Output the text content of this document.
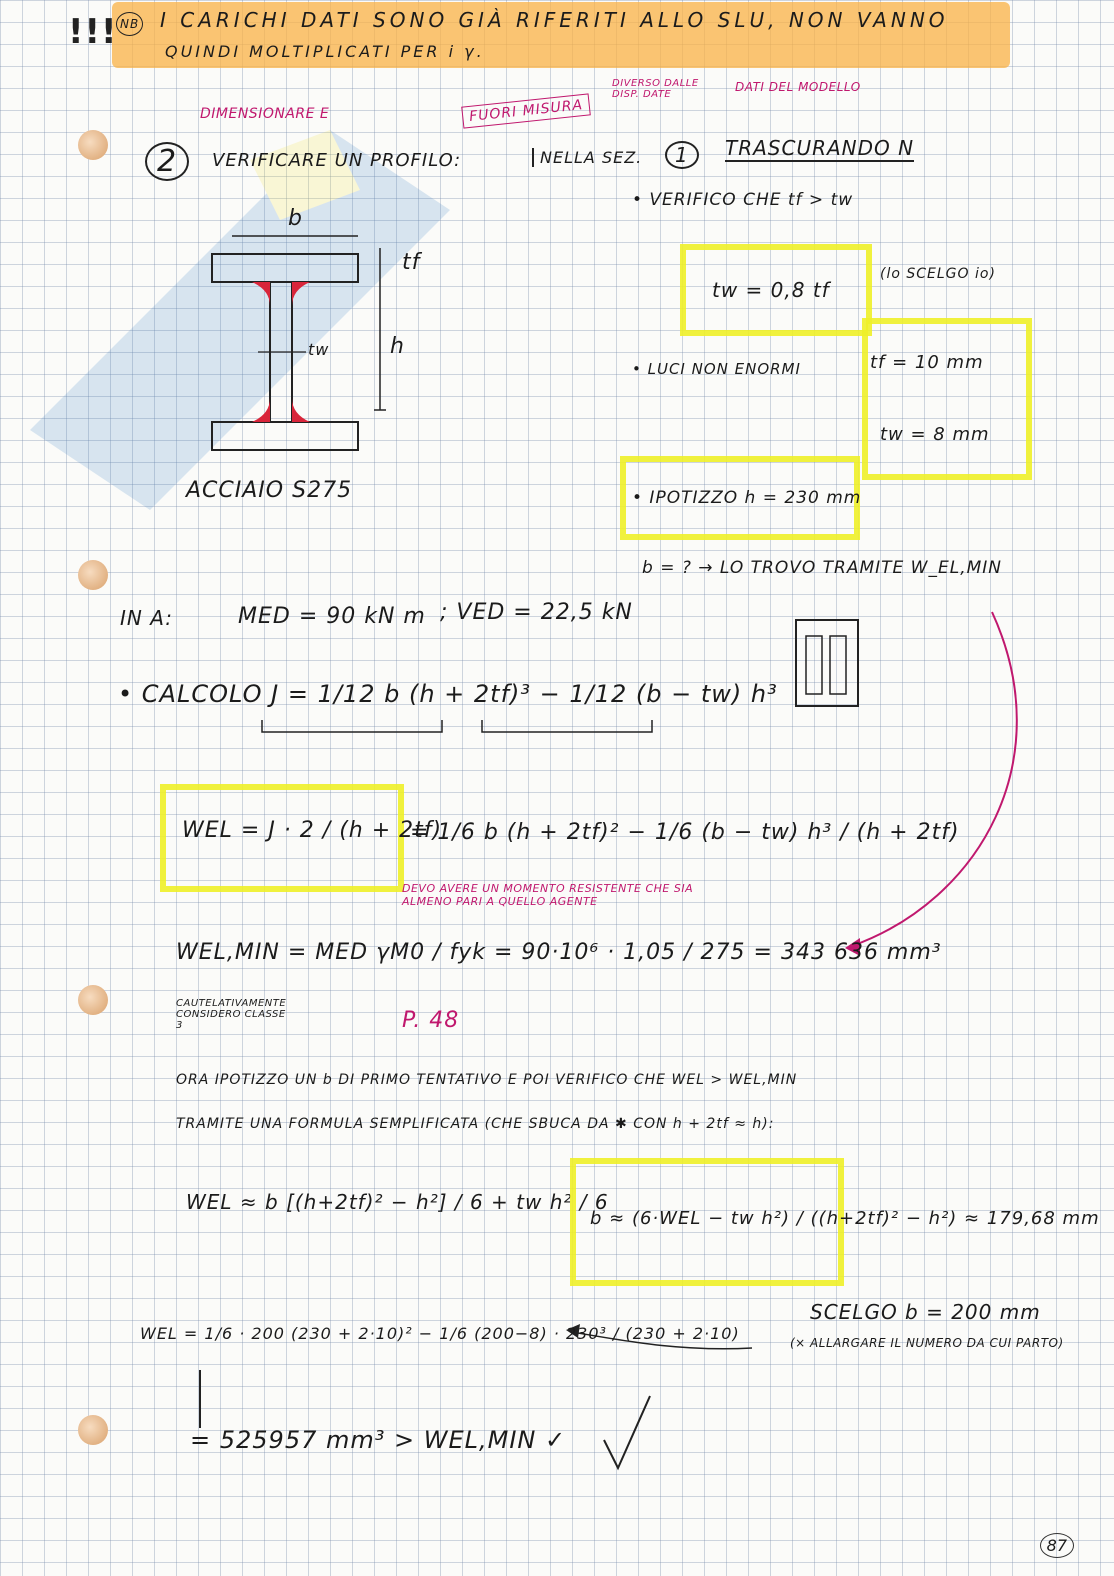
!!! NB I CARICHI DATI SONO GIÀ RIFERITI ALLO SLU, NON VANNO
QUINDI MOLTIPLICATI PER i γ.
DIMENSIONARE E
2	VERIFICARE UN PROFILO:
FUORI MISURA
DIVERSO DALLE DISP. DATE
DATI DEL MODELLO
NELLA SEZ.	1	TRASCURANDO N
b
tf
h
tw
ACCIAIO S275
• VERIFICO CHE tf > tw
tw = 0,8 tf
(lo SCELGO io)
• LUCI NON ENORMI	tf = 10 mm
tw = 8 mm
• IPOTIZZO h = 230 mm
b = ? → LO TROVO TRAMITE W_EL,MIN
IN A:	MED = 90 kN m ; VED = 22,5 kN
• CALCOLO J = 1/12 b (h + 2tf)³ − 1/12 (b − tw) h³
WEL = J · 2 / (h + 2tf)
= 1/6 b (h + 2tf)² − 1/6 (b − tw) h³ / (h + 2tf)
DEVO AVERE UN MOMENTO RESISTENTE CHE SIA ALMENO PARI A QUELLO AGENTE
WEL,MIN = MED γM0 / fyk = 90·10⁶ · 1,05 / 275 = 343 636 mm³
CAUTELATIVAMENTE CONSIDERO CLASSE 3	P. 48
ORA IPOTIZZO UN b DI PRIMO TENTATIVO E POI VERIFICO CHE WEL > WEL,MIN
TRAMITE UNA FORMULA SEMPLIFICATA (CHE SBUCA DA ✱ CON h + 2tf ≈ h):
WEL ≈ b [(h+2tf)² − h²] / 6 + tw h² / 6
b ≈ (6·WEL − tw h²) / ((h+2tf)² − h²) ≈ 179,68 mm
SCELGO b = 200 mm
(× ALLARGARE IL NUMERO DA CUI PARTO)
WEL = 1/6 · 200 (230 + 2·10)² − 1/6 (200−8) · 230³ / (230 + 2·10)
= 525957 mm³ > WEL,MIN ✓
87
